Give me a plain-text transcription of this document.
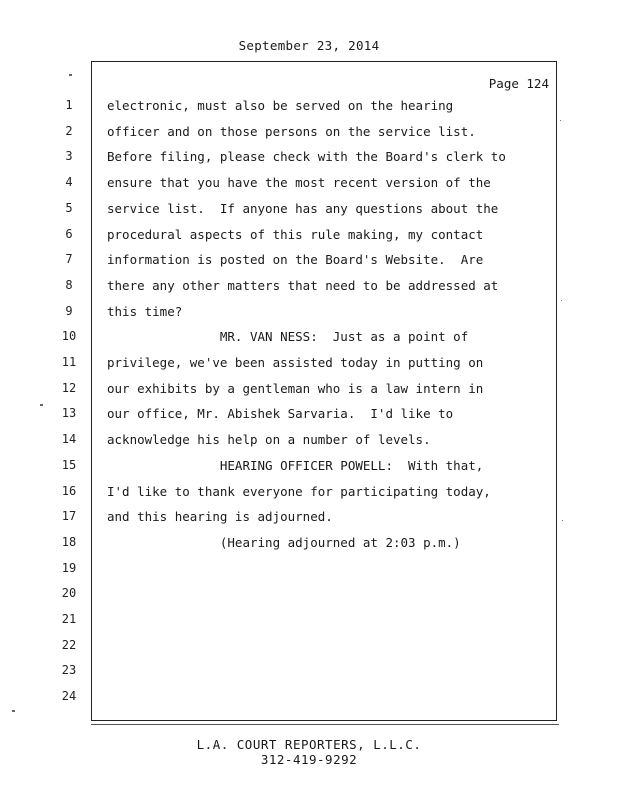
September 23, 2014
Page 124
1	electronic, must also be served on the hearing
2	officer and on those persons on the service list.
3	Before filing, please check with the Board's clerk to
4	ensure that you have the most recent version of the
5	service list.  If anyone has any questions about the
6	procedural aspects of this rule making, my contact
7	information is posted on the Board's Website.  Are
8	there any other matters that need to be addressed at
9	this time?
10	MR. VAN NESS:  Just as a point of
11	privilege, we've been assisted today in putting on
12	our exhibits by a gentleman who is a law intern in
13	our office, Mr. Abishek Sarvaria.  I'd like to
14	acknowledge his help on a number of levels.
15	HEARING OFFICER POWELL:  With that,
16	I'd like to thank everyone for participating today,
17	and this hearing is adjourned.
18	(Hearing adjourned at 2:03 p.m.)
19
20
21
22
23
24
L.A. COURT REPORTERS, L.L.C.
312-419-9292
